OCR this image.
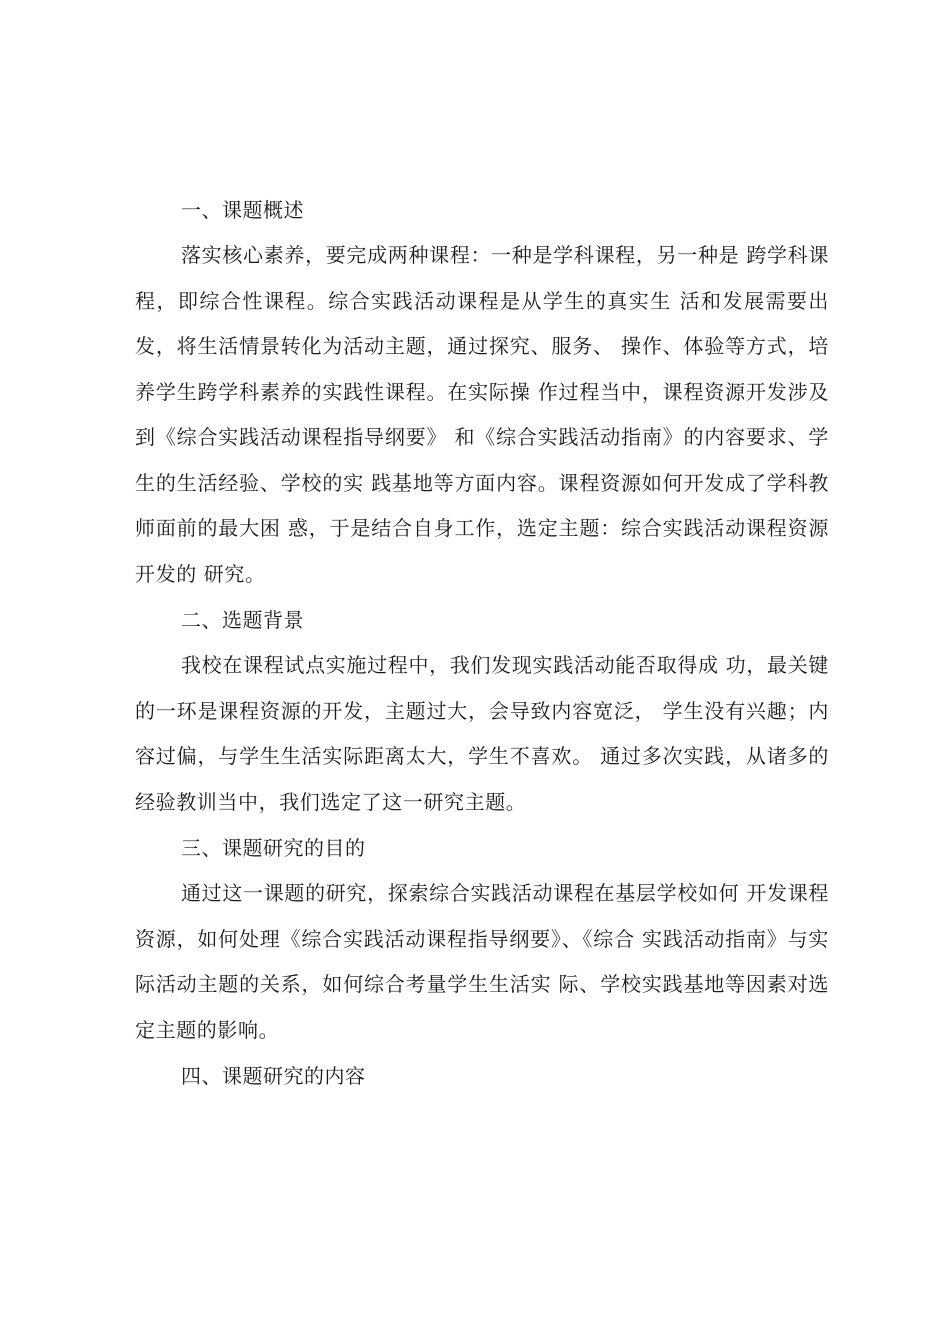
一、课题概述

落实核心素养，要完成两种课程：一种是学科课程，另一种是 跨学科课程，即综合性课程。综合实践活动课程是从学生的真实生 活和发展需要出发，将生活情景转化为活动主题，通过探究、服务、 操作、体验等方式，培养学生跨学科素养的实践性课程。在实际操 作过程当中，课程资源开发涉及到《综合实践活动课程指导纲要》 和《综合实践活动指南》的内容要求、学生的生活经验、学校的实 践基地等方面内容。课程资源如何开发成了学科教师面前的最大困 惑，于是结合自身工作，选定主题：综合实践活动课程资源开发的 研究。

二、选题背景

我校在课程试点实施过程中，我们发现实践活动能否取得成 功，最关键的一环是课程资源的开发，主题过大，会导致内容宽泛， 学生没有兴趣；内容过偏，与学生生活实际距离太大，学生不喜欢。 通过多次实践，从诸多的经验教训当中，我们选定了这一研究主题。

三、课题研究的目的

通过这一课题的研究，探索综合实践活动课程在基层学校如何 开发课程资源，如何处理《综合实践活动课程指导纲要》、《综合 实践活动指南》与实际活动主题的关系，如何综合考量学生生活实 际、学校实践基地等因素对选定主题的影响。

四、课题研究的内容
